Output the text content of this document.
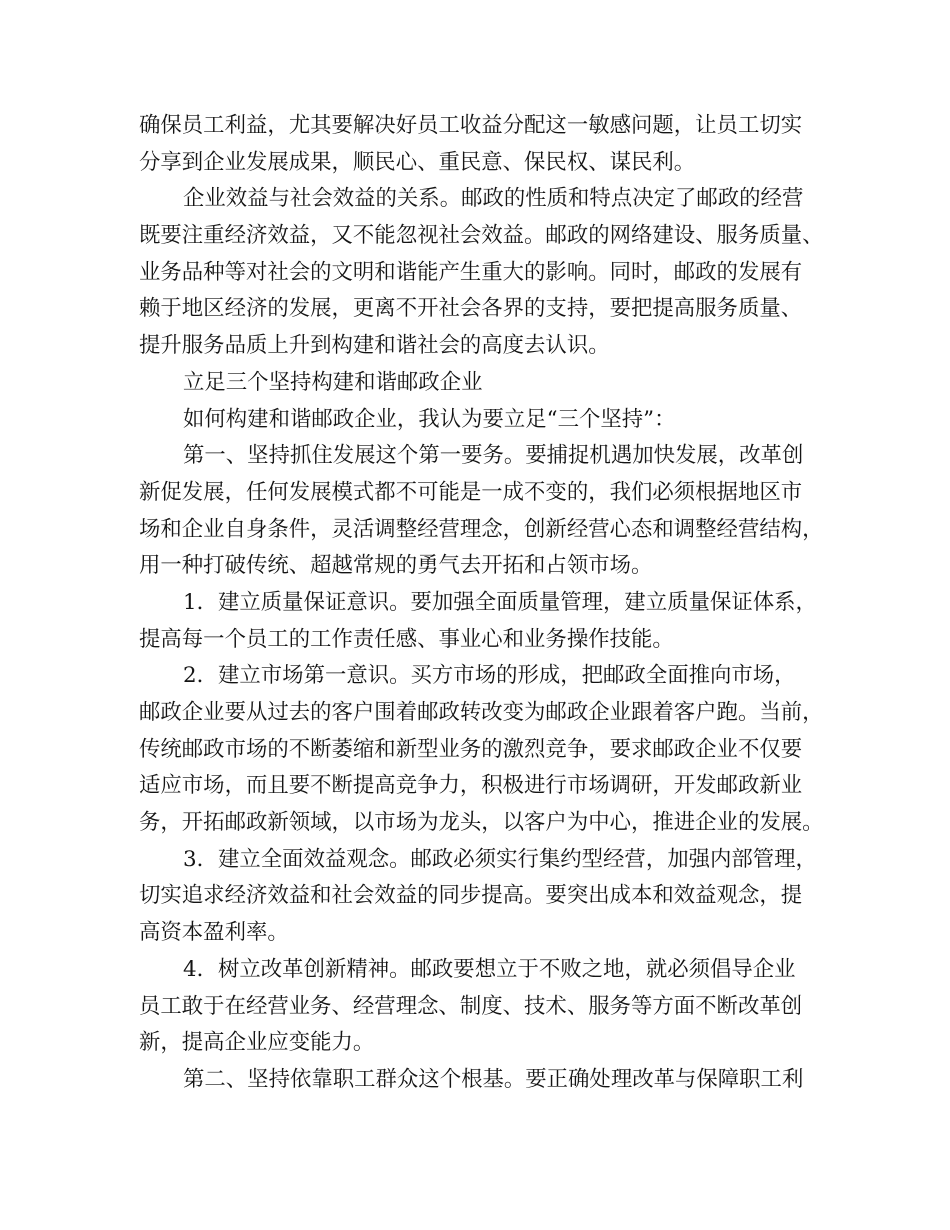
确保员工利益，尤其要解决好员工收益分配这一敏感问题，让员工切实
分享到企业发展成果，顺民心、重民意、保民权、谋民利。
企业效益与社会效益的关系。邮政的性质和特点决定了邮政的经营
既要注重经济效益，又不能忽视社会效益。邮政的网络建设、服务质量、
业务品种等对社会的文明和谐能产生重大的影响。同时，邮政的发展有
赖于地区经济的发展，更离不开社会各界的支持，要把提高服务质量、
提升服务品质上升到构建和谐社会的高度去认识。
立足三个坚持构建和谐邮政企业
如何构建和谐邮政企业，我认为要立足“三个坚持”：
第一、坚持抓住发展这个第一要务。要捕捉机遇加快发展，改革创
新促发展，任何发展模式都不可能是一成不变的，我们必须根据地区市
场和企业自身条件，灵活调整经营理念，创新经营心态和调整经营结构，
用一种打破传统、超越常规的勇气去开拓和占领市场。
1．建立质量保证意识。要加强全面质量管理，建立质量保证体系，
提高每一个员工的工作责任感、事业心和业务操作技能。
2．建立市场第一意识。买方市场的形成，把邮政全面推向市场，
邮政企业要从过去的客户围着邮政转改变为邮政企业跟着客户跑。当前，
传统邮政市场的不断萎缩和新型业务的激烈竞争，要求邮政企业不仅要
适应市场，而且要不断提高竞争力，积极进行市场调研，开发邮政新业
务，开拓邮政新领域，以市场为龙头，以客户为中心，推进企业的发展。
3．建立全面效益观念。邮政必须实行集约型经营，加强内部管理，
切实追求经济效益和社会效益的同步提高。要突出成本和效益观念，提
高资本盈利率。
4．树立改革创新精神。邮政要想立于不败之地，就必须倡导企业
员工敢于在经营业务、经营理念、制度、技术、服务等方面不断改革创
新，提高企业应变能力。
第二、坚持依靠职工群众这个根基。要正确处理改革与保障职工利
